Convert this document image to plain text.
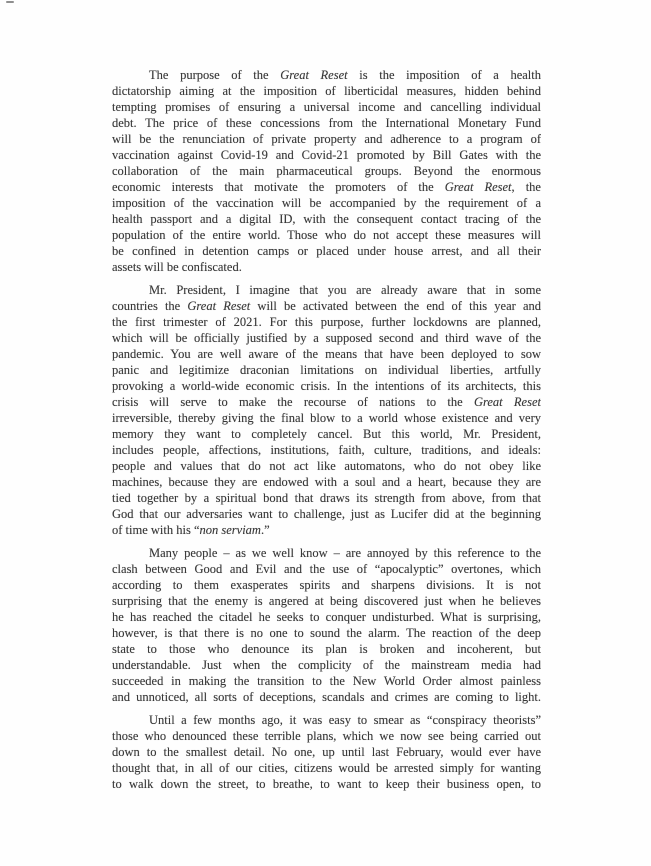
The purpose of the Great Reset is the imposition of a health
dictatorship aiming at the imposition of liberticidal measures, hidden behind
tempting promises of ensuring a universal income and cancelling individual
debt. The price of these concessions from the International Monetary Fund
will be the renunciation of private property and adherence to a program of
vaccination against Covid-19 and Covid-21 promoted by Bill Gates with the
collaboration of the main pharmaceutical groups. Beyond the enormous
economic interests that motivate the promoters of the Great Reset, the
imposition of the vaccination will be accompanied by the requirement of a
health passport and a digital ID, with the consequent contact tracing of the
population of the entire world. Those who do not accept these measures will
be confined in detention camps or placed under house arrest, and all their
assets will be confiscated.
Mr. President, I imagine that you are already aware that in some
countries the Great Reset will be activated between the end of this year and
the first trimester of 2021. For this purpose, further lockdowns are planned,
which will be officially justified by a supposed second and third wave of the
pandemic. You are well aware of the means that have been deployed to sow
panic and legitimize draconian limitations on individual liberties, artfully
provoking a world-wide economic crisis. In the intentions of its architects, this
crisis will serve to make the recourse of nations to the Great Reset
irreversible, thereby giving the final blow to a world whose existence and very
memory they want to completely cancel. But this world, Mr. President,
includes people, affections, institutions, faith, culture, traditions, and ideals:
people and values that do not act like automatons, who do not obey like
machines, because they are endowed with a soul and a heart, because they are
tied together by a spiritual bond that draws its strength from above, from that
God that our adversaries want to challenge, just as Lucifer did at the beginning
of time with his “non serviam.”
Many people – as we well know – are annoyed by this reference to the
clash between Good and Evil and the use of “apocalyptic” overtones, which
according to them exasperates spirits and sharpens divisions. It is not
surprising that the enemy is angered at being discovered just when he believes
he has reached the citadel he seeks to conquer undisturbed. What is surprising,
however, is that there is no one to sound the alarm. The reaction of the deep
state to those who denounce its plan is broken and incoherent, but
understandable. Just when the complicity of the mainstream media had
succeeded in making the transition to the New World Order almost painless
and unnoticed, all sorts of deceptions, scandals and crimes are coming to light.
Until a few months ago, it was easy to smear as “conspiracy theorists”
those who denounced these terrible plans, which we now see being carried out
down to the smallest detail. No one, up until last February, would ever have
thought that, in all of our cities, citizens would be arrested simply for wanting
to walk down the street, to breathe, to want to keep their business open, to
